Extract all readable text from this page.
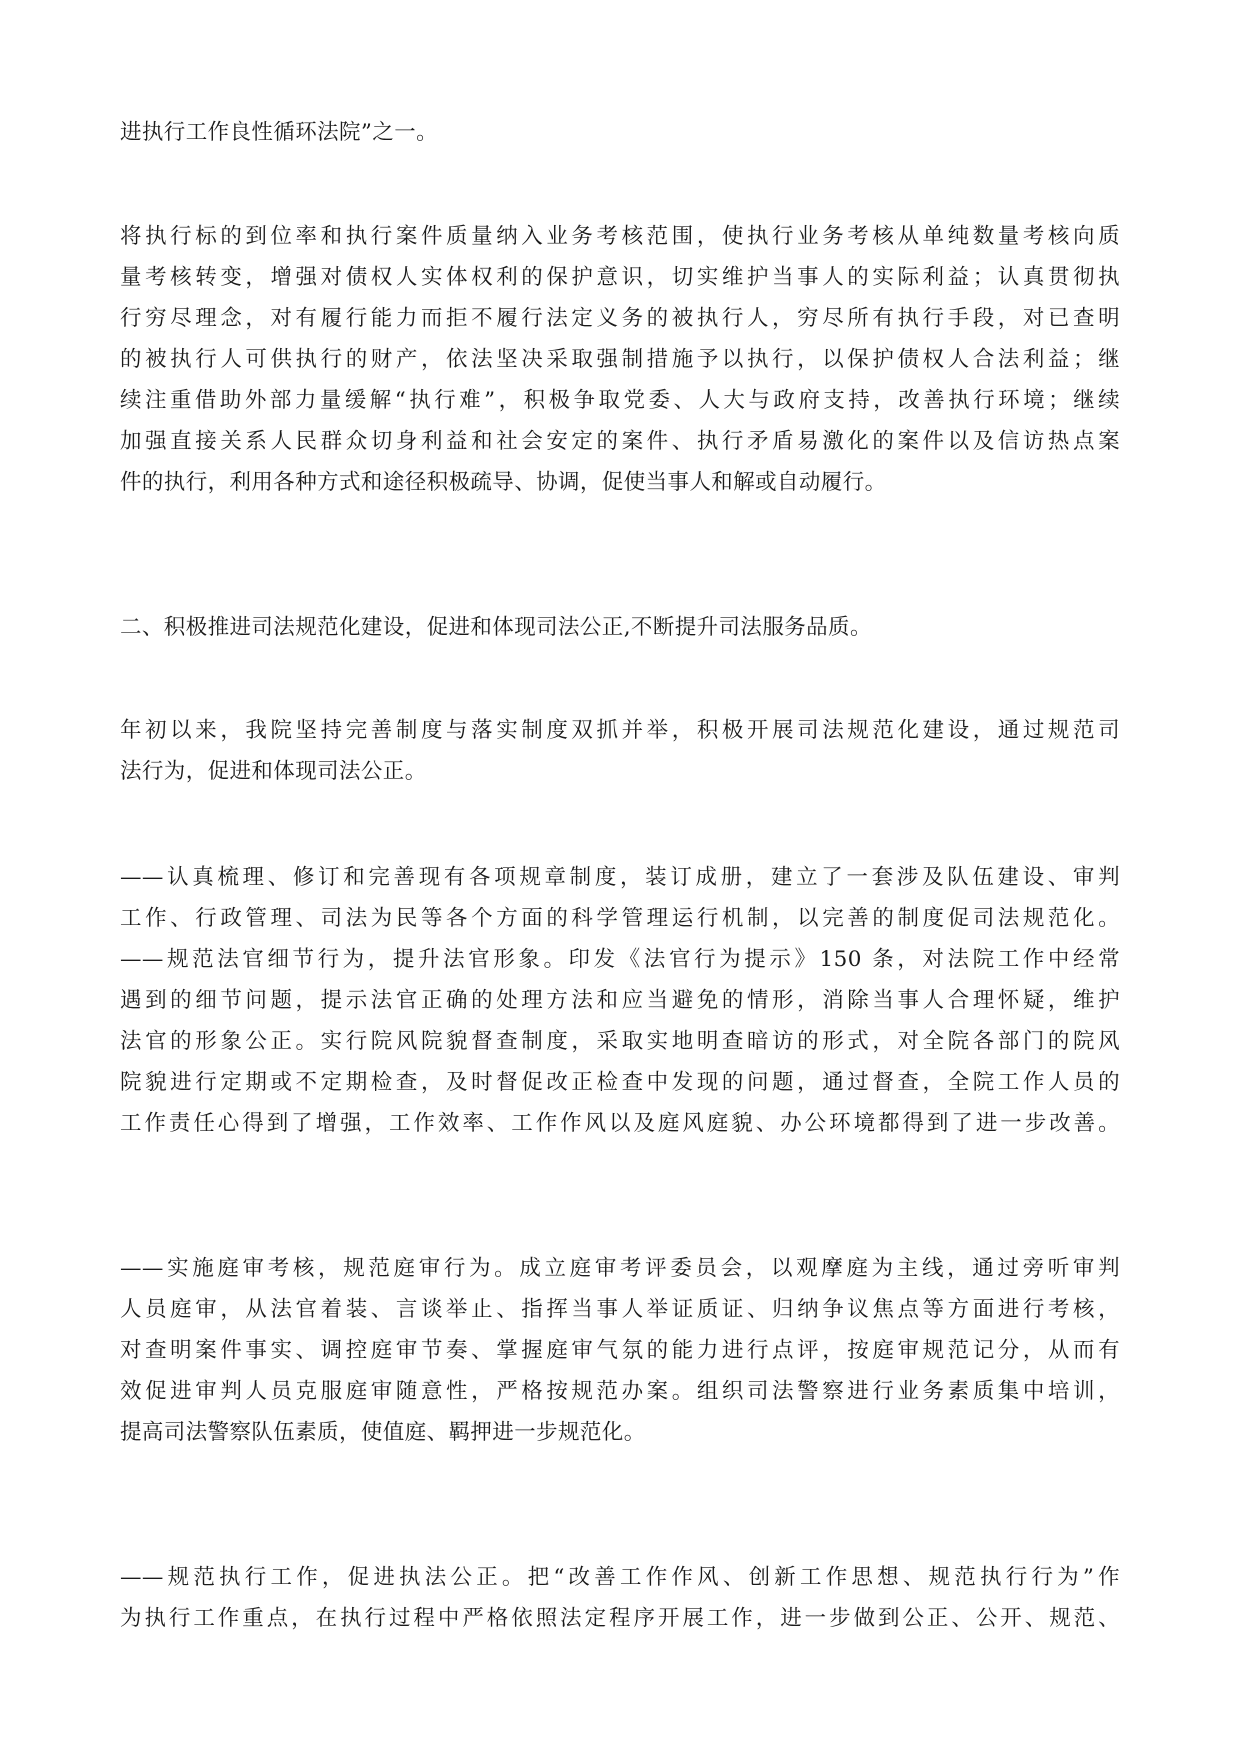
进执行工作良性循环法院”之一。

将执行标的到位率和执行案件质量纳入业务考核范围，使执行业务考核从单纯数量考核向质
量考核转变，增强对债权人实体权利的保护意识，切实维护当事人的实际利益；认真贯彻执
行穷尽理念，对有履行能力而拒不履行法定义务的被执行人，穷尽所有执行手段，对已查明
的被执行人可供执行的财产，依法坚决采取强制措施予以执行，以保护债权人合法利益；继
续注重借助外部力量缓解“执行难”，积极争取党委、人大与政府支持，改善执行环境；继续
加强直接关系人民群众切身利益和社会安定的案件、执行矛盾易激化的案件以及信访热点案
件的执行，利用各种方式和途径积极疏导、协调，促使当事人和解或自动履行。

二、积极推进司法规范化建设，促进和体现司法公正,不断提升司法服务品质。

年初以来，我院坚持完善制度与落实制度双抓并举，积极开展司法规范化建设，通过规范司
法行为，促进和体现司法公正。

——认真梳理、修订和完善现有各项规章制度，装订成册，建立了一套涉及队伍建设、审判
工作、行政管理、司法为民等各个方面的科学管理运行机制，以完善的制度促司法规范化。
——规范法官细节行为，提升法官形象。印发《法官行为提示》150 条，对法院工作中经常
遇到的细节问题，提示法官正确的处理方法和应当避免的情形，消除当事人合理怀疑，维护
法官的形象公正。实行院风院貌督查制度，采取实地明查暗访的形式，对全院各部门的院风
院貌进行定期或不定期检查，及时督促改正检查中发现的问题，通过督查，全院工作人员的
工作责任心得到了增强，工作效率、工作作风以及庭风庭貌、办公环境都得到了进一步改善。

——实施庭审考核，规范庭审行为。成立庭审考评委员会，以观摩庭为主线，通过旁听审判
人员庭审，从法官着装、言谈举止、指挥当事人举证质证、归纳争议焦点等方面进行考核，
对查明案件事实、调控庭审节奏、掌握庭审气氛的能力进行点评，按庭审规范记分，从而有
效促进审判人员克服庭审随意性，严格按规范办案。组织司法警察进行业务素质集中培训，
提高司法警察队伍素质，使值庭、羁押进一步规范化。

——规范执行工作，促进执法公正。把“改善工作作风、创新工作思想、规范执行行为”作
为执行工作重点，在执行过程中严格依照法定程序开展工作，进一步做到公正、公开、规范、
